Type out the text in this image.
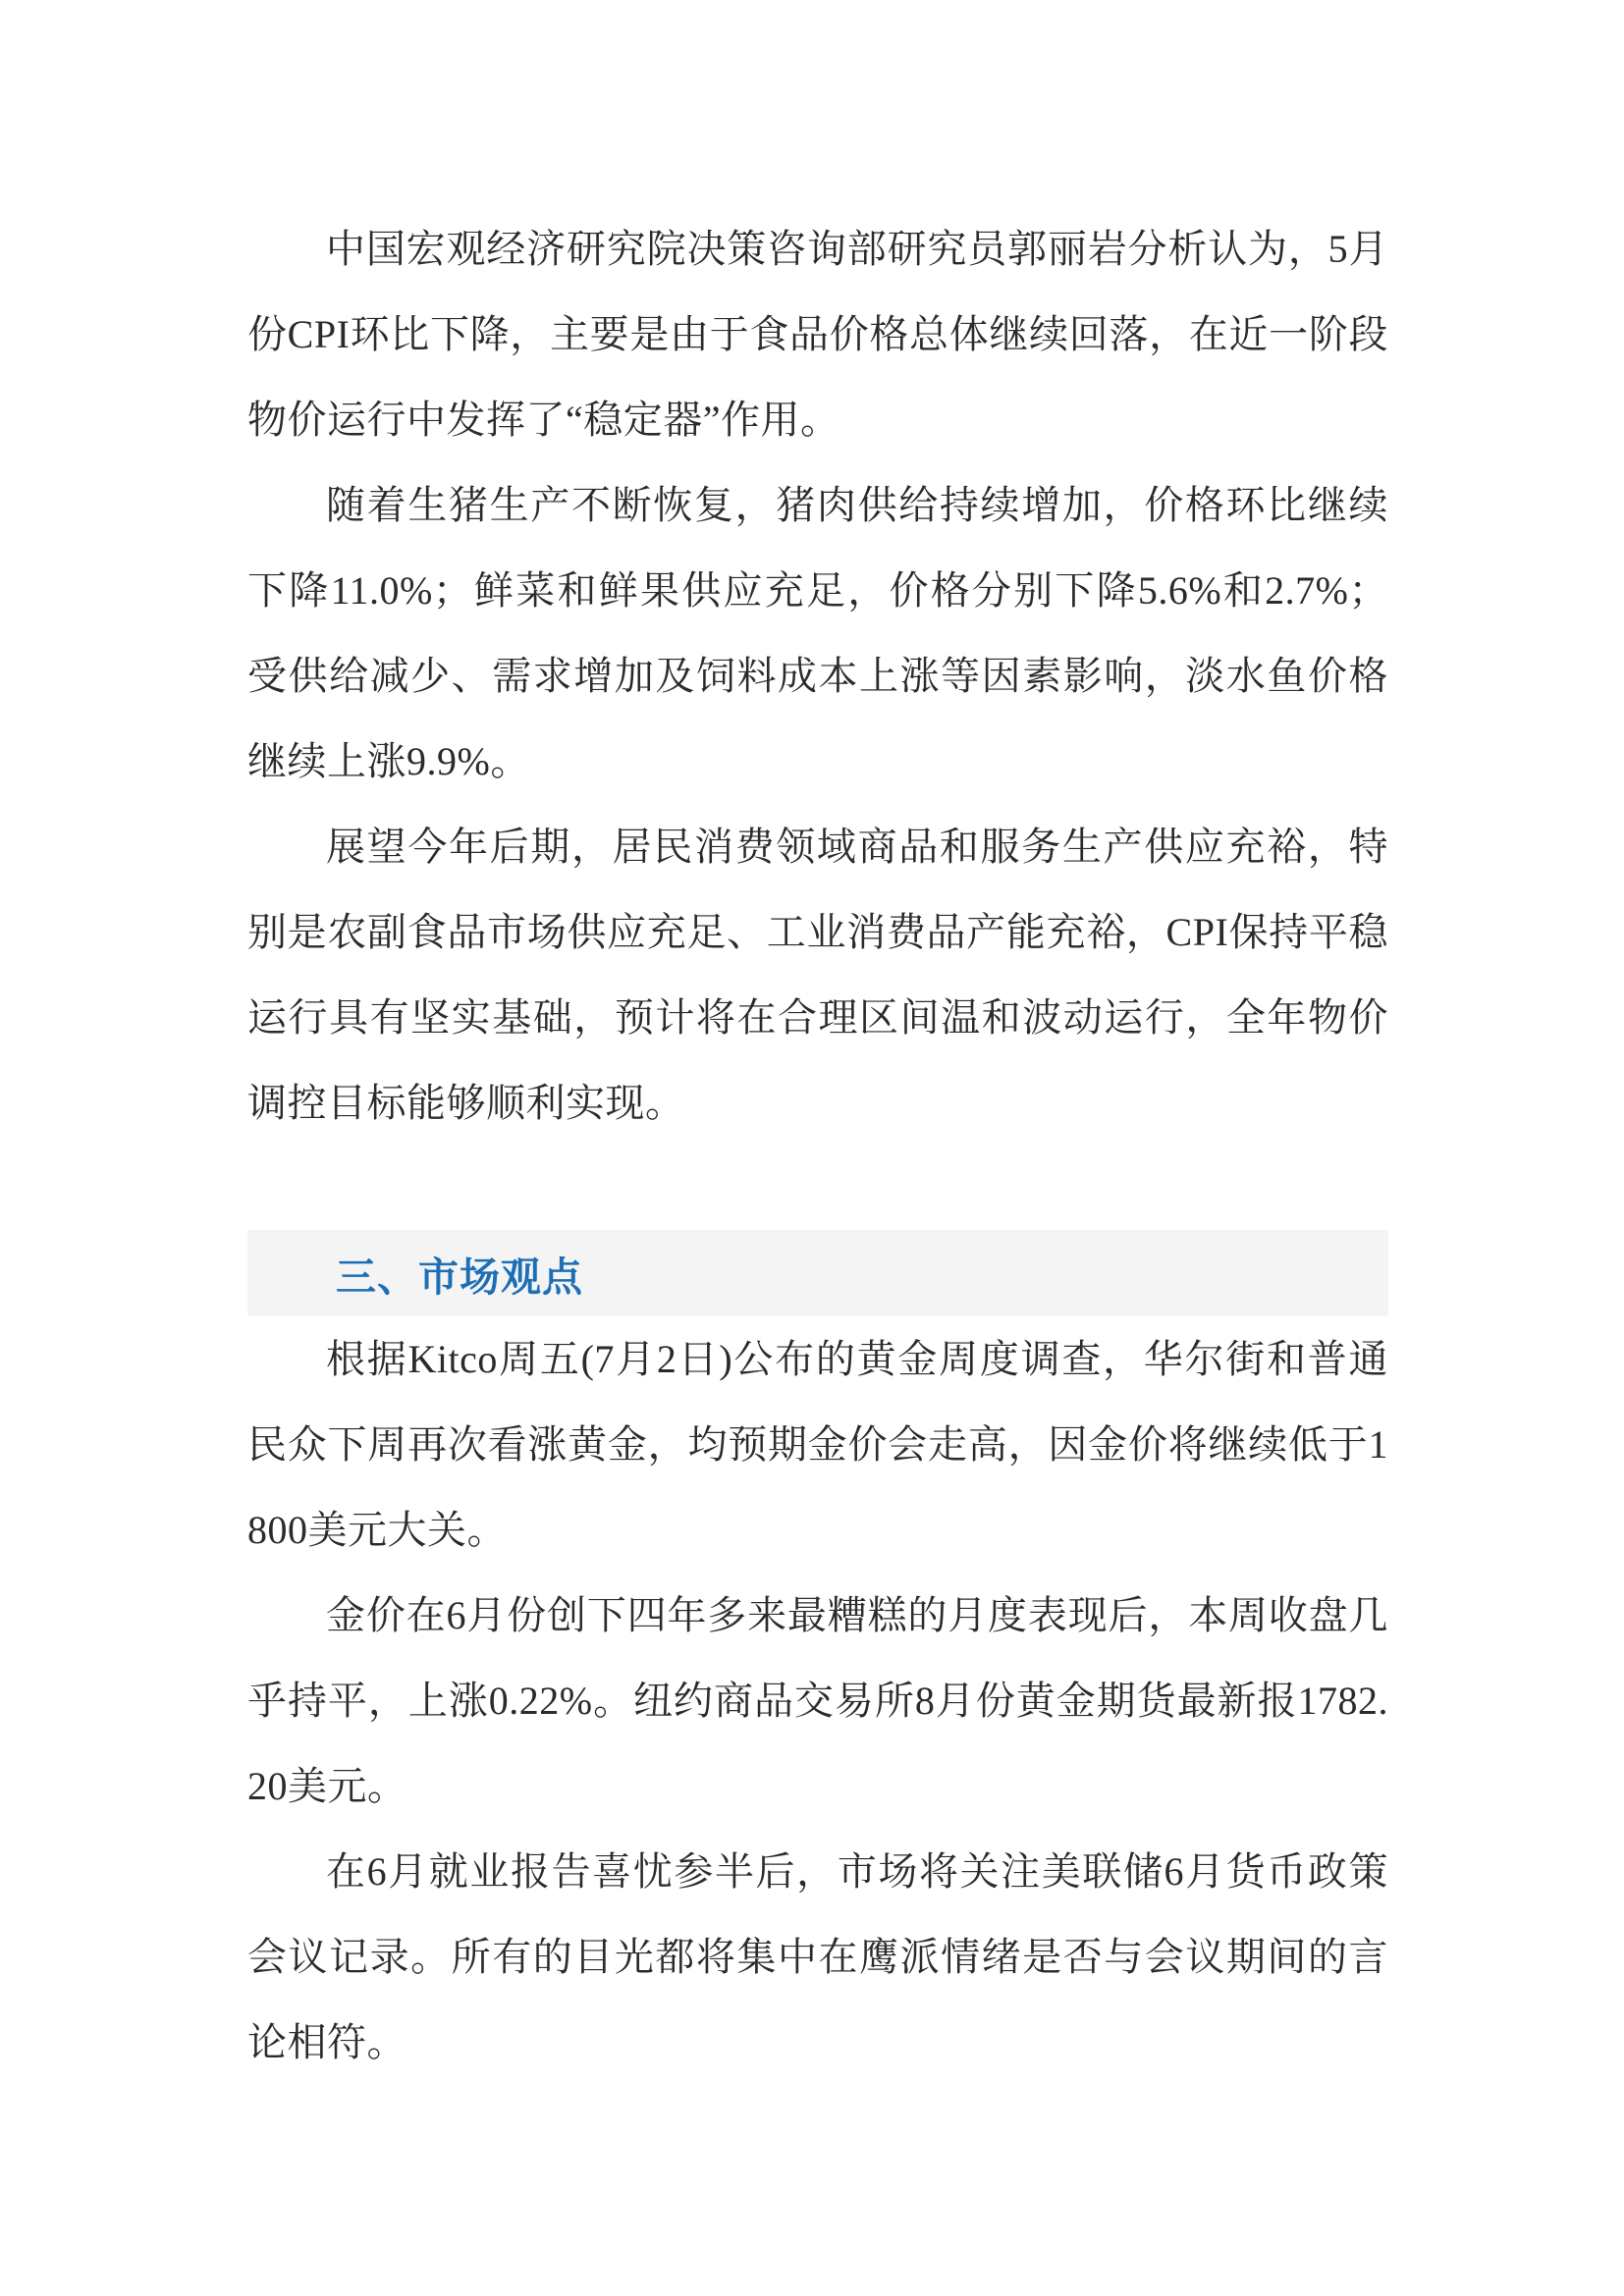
中国宏观经济研究院决策咨询部研究员郭丽岩分析认为，5月份CPI环比下降，主要是由于食品价格总体继续回落，在近一阶段物价运行中发挥了“稳定器”作用。

随着生猪生产不断恢复，猪肉供给持续增加，价格环比继续下降11.0%；鲜菜和鲜果供应充足，价格分别下降5.6%和2.7%；受供给减少、需求增加及饲料成本上涨等因素影响，淡水鱼价格继续上涨9.9%。

展望今年后期，居民消费领域商品和服务生产供应充裕，特别是农副食品市场供应充足、工业消费品产能充裕，CPI保持平稳运行具有坚实基础，预计将在合理区间温和波动运行，全年物价调控目标能够顺利实现。

三、市场观点

根据Kitco周五(7月2日)公布的黄金周度调查，华尔街和普通民众下周再次看涨黄金，均预期金价会走高，因金价将继续低于1800美元大关。

金价在6月份创下四年多来最糟糕的月度表现后，本周收盘几乎持平，上涨0.22%。纽约商品交易所8月份黄金期货最新报1782.20美元。

在6月就业报告喜忧参半后，市场将关注美联储6月货币政策会议记录。所有的目光都将集中在鹰派情绪是否与会议期间的言论相符。
